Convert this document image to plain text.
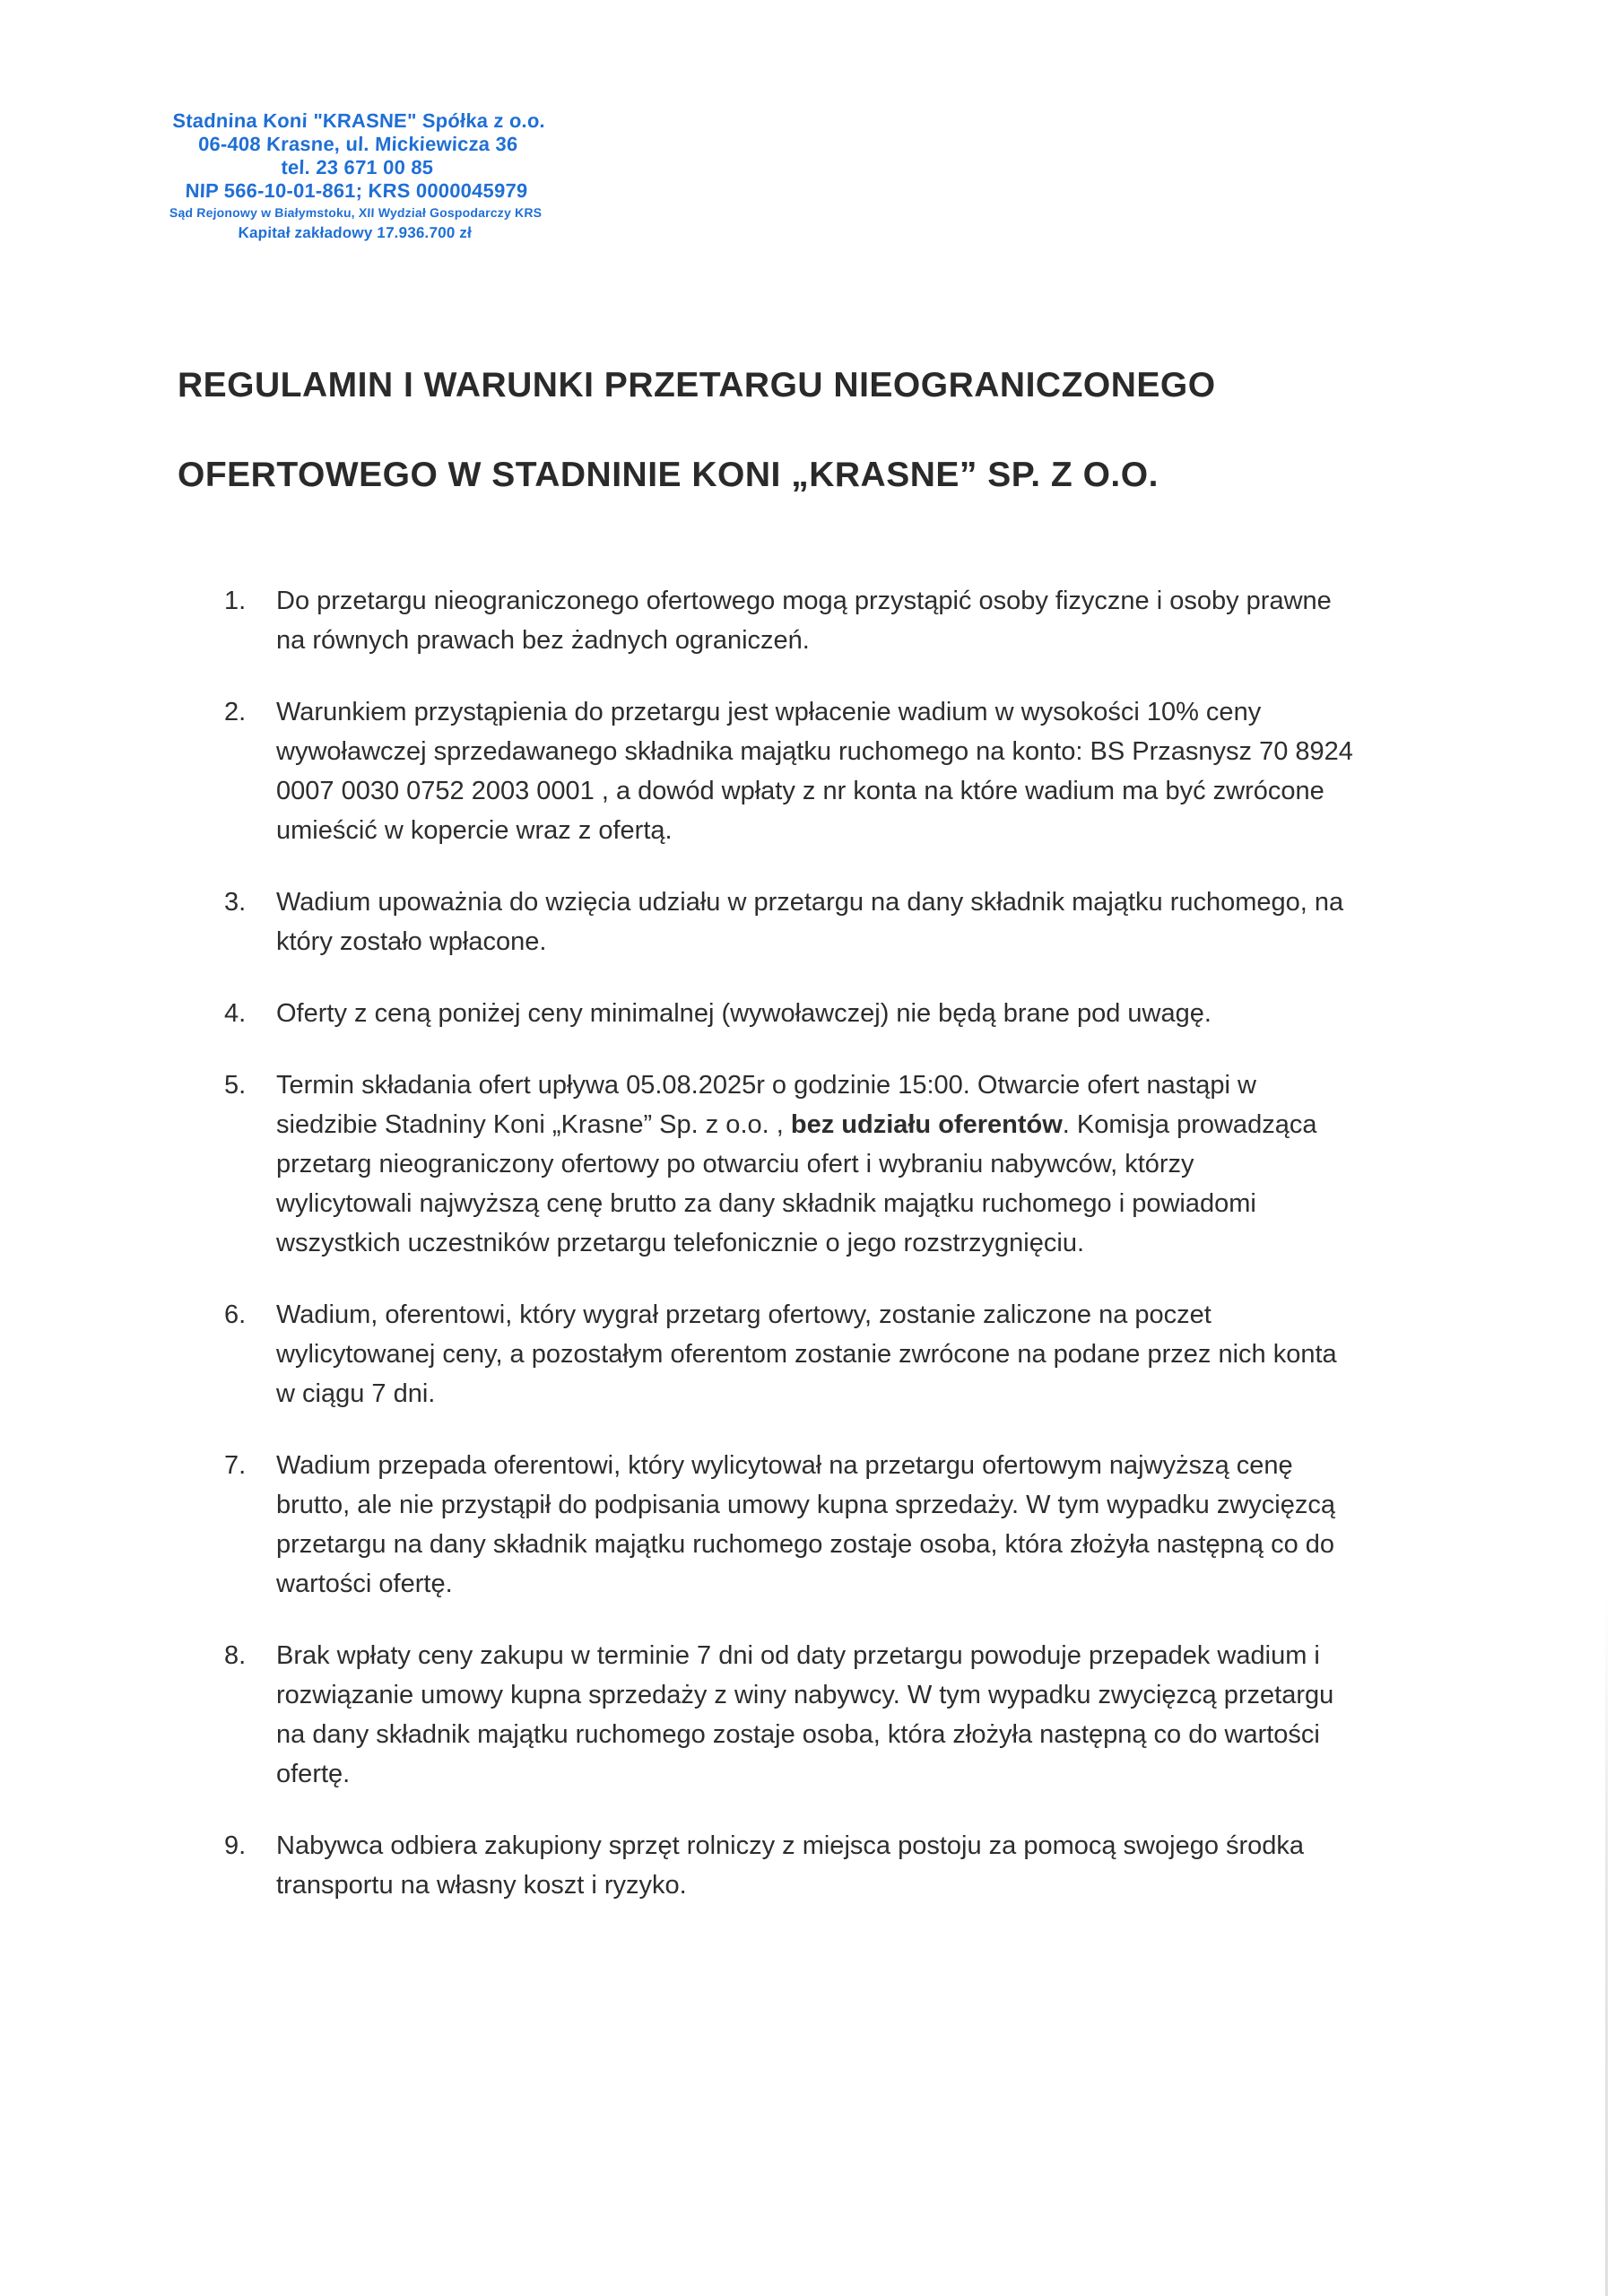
Stadnina Koni "KRASNE" Spółka z o.o.
06-408 Krasne, ul. Mickiewicza 36
tel. 23 671 00 85
NIP 566-10-01-861; KRS 0000045979
Sąd Rejonowy w Białymstoku, XII Wydział Gospodarczy KRS
Kapitał zakładowy 17.936.700 zł
REGULAMIN I WARUNKI PRZETARGU NIEOGRANICZONEGO
OFERTOWEGO W STADNINIE KONI „KRASNE” SP. Z O.O.
1.	Do przetargu nieograniczonego ofertowego mogą przystąpić osoby fizyczne i osoby prawne
na równych prawach bez żadnych ograniczeń.
2.	Warunkiem przystąpienia do przetargu jest wpłacenie wadium w wysokości 10% ceny
wywoławczej sprzedawanego składnika majątku ruchomego na konto: BS Przasnysz 70 8924
0007 0030 0752 2003 0001 , a dowód wpłaty z nr konta na które wadium ma być zwrócone
umieścić w kopercie wraz z ofertą.
3.	Wadium upoważnia do wzięcia udziału w przetargu na dany składnik majątku ruchomego, na
który zostało wpłacone.
4.	Oferty z ceną poniżej ceny minimalnej (wywoławczej) nie będą brane pod uwagę.
5.	Termin składania ofert upływa 05.08.2025r o godzinie 15:00. Otwarcie ofert nastąpi w
siedzibie Stadniny Koni „Krasne” Sp. z o.o. , bez udziału oferentów. Komisja prowadząca
przetarg nieograniczony ofertowy po otwarciu ofert i wybraniu nabywców, którzy
wylicytowali najwyższą cenę brutto za dany składnik majątku ruchomego i powiadomi
wszystkich uczestników przetargu telefonicznie o jego rozstrzygnięciu.
6.	Wadium, oferentowi, który wygrał przetarg ofertowy, zostanie zaliczone na poczet
wylicytowanej ceny, a pozostałym oferentom zostanie zwrócone na podane przez nich konta
w ciągu 7 dni.
7.	Wadium przepada oferentowi, który wylicytował na przetargu ofertowym najwyższą cenę
brutto, ale nie przystąpił do podpisania umowy kupna sprzedaży. W tym wypadku zwycięzcą
przetargu na dany składnik majątku ruchomego zostaje osoba, która złożyła następną co do
wartości ofertę.
8.	Brak wpłaty ceny zakupu w terminie 7 dni od daty przetargu powoduje przepadek wadium i
rozwiązanie umowy kupna sprzedaży z winy nabywcy. W tym wypadku zwycięzcą przetargu
na dany składnik majątku ruchomego zostaje osoba, która złożyła następną co do wartości
ofertę.
9.	Nabywca odbiera zakupiony sprzęt rolniczy z miejsca postoju za pomocą swojego środka
transportu na własny koszt i ryzyko.
